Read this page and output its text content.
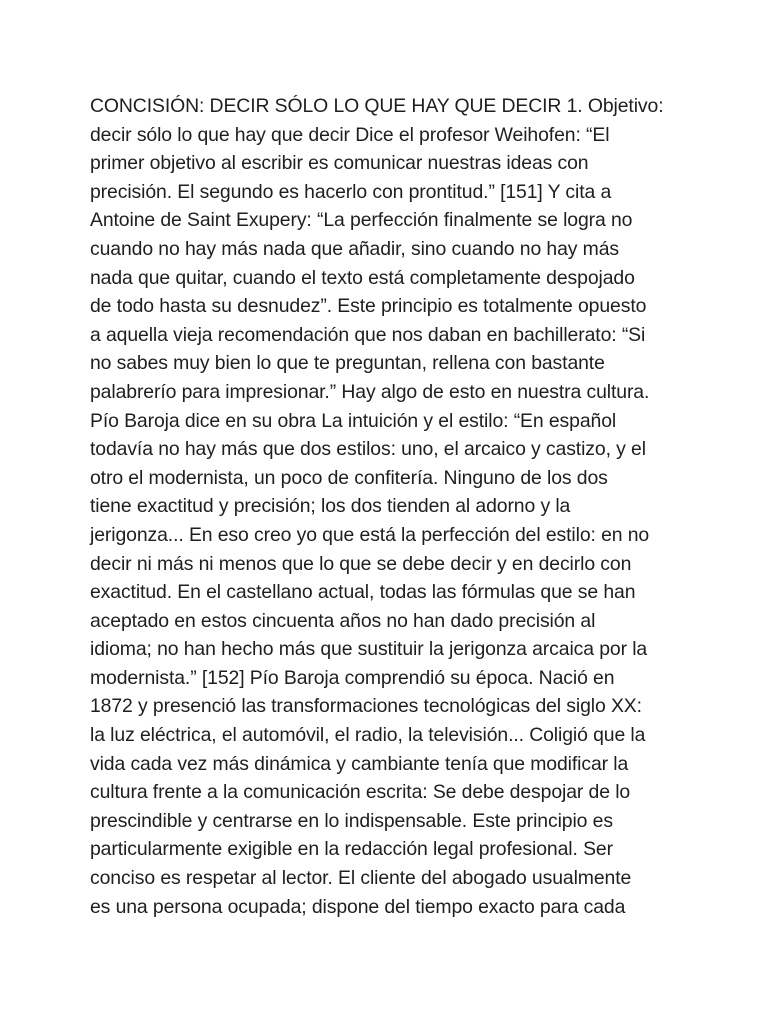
CONCISIÓN: DECIR SÓLO LO QUE HAY QUE DECIR 1. Objetivo:
decir sólo lo que hay que decir Dice el profesor Weihofen: “El
primer objetivo al escribir es comunicar nuestras ideas con
precisión. El segundo es hacerlo con prontitud.” [151] Y cita a
Antoine de Saint Exupery: “La perfección finalmente se logra no
cuando no hay más nada que añadir, sino cuando no hay más
nada que quitar, cuando el texto está completamente despojado
de todo hasta su desnudez”. Este principio es totalmente opuesto
a aquella vieja recomendación que nos daban en bachillerato: “Si
no sabes muy bien lo que te preguntan, rellena con bastante
palabrerío para impresionar.” Hay algo de esto en nuestra cultura.
Pío Baroja dice en su obra La intuición y el estilo: “En español
todavía no hay más que dos estilos: uno, el arcaico y castizo, y el
otro el modernista, un poco de confitería. Ninguno de los dos
tiene exactitud y precisión; los dos tienden al adorno y la
jerigonza... En eso creo yo que está la perfección del estilo: en no
decir ni más ni menos que lo que se debe decir y en decirlo con
exactitud. En el castellano actual, todas las fórmulas que se han
aceptado en estos cincuenta años no han dado precisión al
idioma; no han hecho más que sustituir la jerigonza arcaica por la
modernista.” [152] Pío Baroja comprendió su época. Nació en
1872 y presenció las transformaciones tecnológicas del siglo XX:
la luz eléctrica, el automóvil, el radio, la televisión... Coligió que la
vida cada vez más dinámica y cambiante tenía que modificar la
cultura frente a la comunicación escrita: Se debe despojar de lo
prescindible y centrarse en lo indispensable. Este principio es
particularmente exigible en la redacción legal profesional. Ser
conciso es respetar al lector. El cliente del abogado usualmente
es una persona ocupada; dispone del tiempo exacto para cada
